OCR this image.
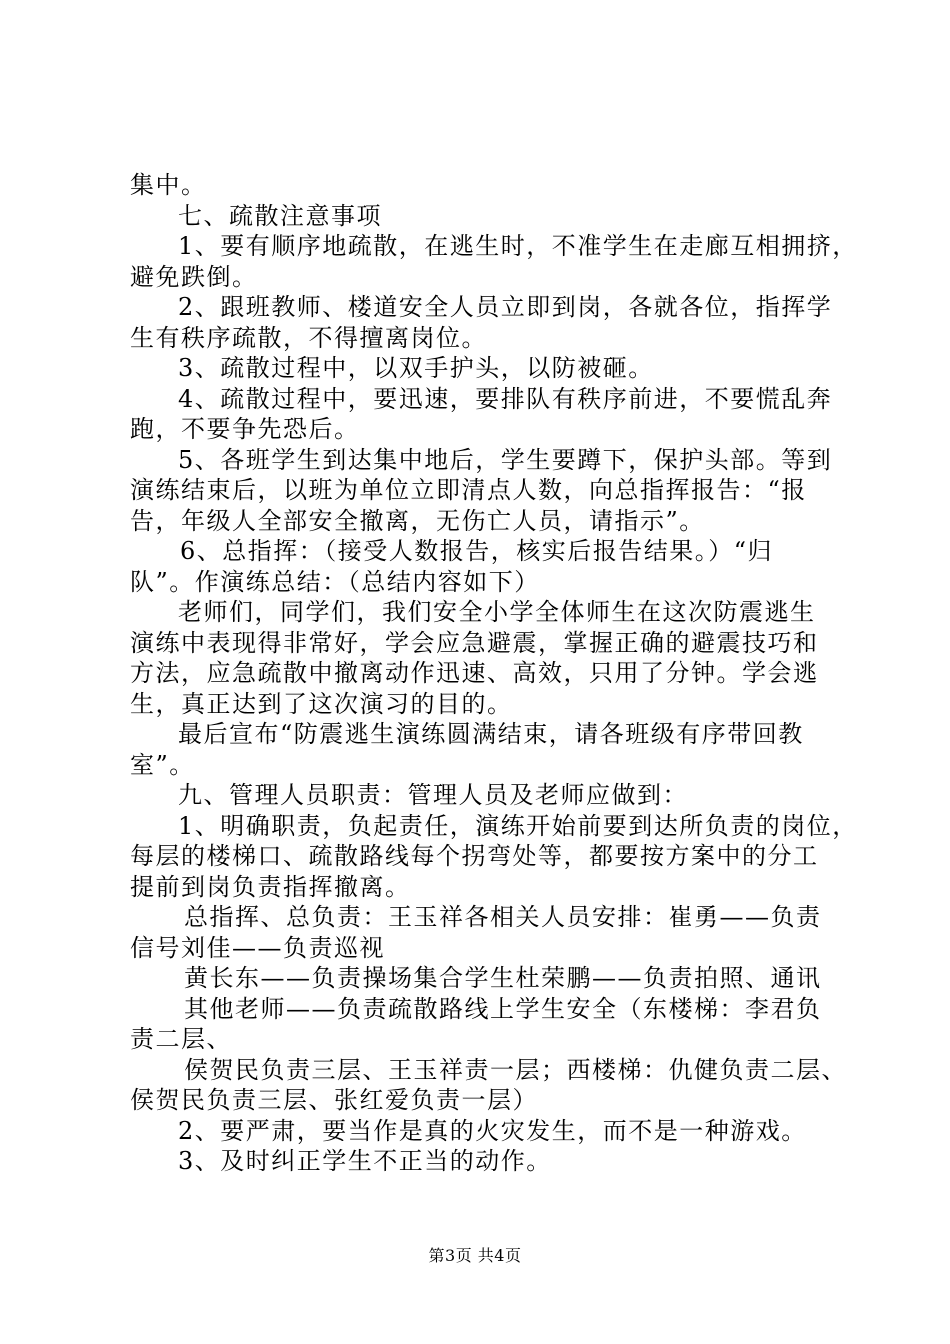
集中。

七、疏散注意事项

1、要有顺序地疏散，在逃生时，不准学生在走廊互相拥挤，

避免跌倒。

2、跟班教师、楼道安全人员立即到岗，各就各位，指挥学

生有秩序疏散，不得擅离岗位。

3、疏散过程中，以双手护头，以防被砸。

4、疏散过程中，要迅速，要排队有秩序前进，不要慌乱奔

跑，不要争先恐后。

5、各班学生到达集中地后，学生要蹲下，保护头部。等到

演练结束后，以班为单位立即清点人数，向总指挥报告：“报

告，年级人全部安全撤离，无伤亡人员，请指示”。

6、总指挥：（接受人数报告，核实后报告结果。）“归

队”。作演练总结：（总结内容如下）

老师们，同学们，我们安全小学全体师生在这次防震逃生

演练中表现得非常好，学会应急避震，掌握正确的避震技巧和

方法，应急疏散中撤离动作迅速、高效，只用了分钟。学会逃

生，真正达到了这次演习的目的。

最后宣布“防震逃生演练圆满结束，请各班级有序带回教

室”。

九、管理人员职责：管理人员及老师应做到：

1、明确职责，负起责任，演练开始前要到达所负责的岗位，

每层的楼梯口、疏散路线每个拐弯处等，都要按方案中的分工

提前到岗负责指挥撤离。

总指挥、总负责：王玉祥各相关人员安排：崔勇——负责

信号刘佳——负责巡视

黄长东——负责操场集合学生杜荣鹏——负责拍照、通讯

其他老师——负责疏散路线上学生安全（东楼梯：李君负

责二层、

侯贺民负责三层、王玉祥责一层；西楼梯：仇健负责二层、

侯贺民负责三层、张红爱负责一层）

2、要严肃，要当作是真的火灾发生，而不是一种游戏。

3、及时纠正学生不正当的动作。

第3页 共4页
